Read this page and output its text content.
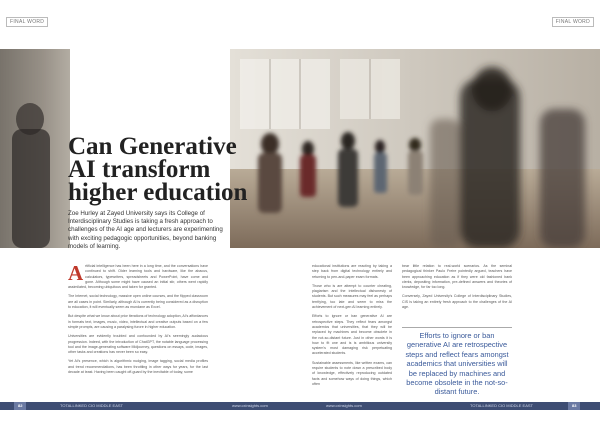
FINAL WORD	FINAL WORD
Can Generative AI transform higher education

Zoe Hurley at Zayed University says its College of Interdisciplinary Studies is taking a fresh approach to challenges of the AI age and lecturers are experimenting with exciting pedagogic opportunities, beyond banking models of learning.

Artificial intelligence has been here in a long time, and the conversations have continued to shift. Older learning tools and hardware, like the abacus, calculators, typewriters, spreadsheets and PowerPoint, have come and gone. Although some might have caused an initial stir, others went rapidly assimilated, becoming ubiquitous and taken for granted.

The Internet, social technology, massive open online courses, and the flipped classroom are all cases in point. Similarly, although AI is currently being considered as a disruption to education, it will eventually seem as mundane as Excel.

But despite what we know about prior iterations of technology adoption, AI's affordances in formats text, images, music, video, intellectual and creative outputs based on a few simple prompts, are causing a paralysing furore in higher education.

Universities are evidently troubled and confounded by AI's seemingly audacious progression. Indeed, with the introduction of ChatGPT, the notable language processing tool and the image-generating software Midjourney, questions on essays, code, images, other tasks and creations has never been so easy.

Yet AI's presence, which is algorithmic nudging, image tagging, social media profiles and trend recommendations, has been throttling in other ways for years, for the last decade at least. Having been caught off-guard by the inevitable of today, some

educational institutions are reacting by taking a step back from digital technology entirely and returning to pen-and-paper exam formats.

Those who is are attempt to counter cheating, plagiarism and the intellectual dishonesty of students. But such measures may feel as perhaps terrifying, too late and seem to miss the achievement of next-gen AI learning entirely.

Efforts to ignore or ban generative AI are retrospective steps. They reflect fears amongst academics that universities, that they will be replaced by machines and become obsolete in the not-so-distant future. Just in other words it is how to fit one and is is ambitious university system's most damaging risk perpetuating accelerated students.

Sustainable assessments, like written exams, can require students to note down a prescribed body of knowledge, effectively reproducing outdated facts and somehow ways of doing things, which often

bear little relation to real-world scenarios. As the seminal pedagogical thinker Paulo Freire pointedly argued, teachers have been approaching education as if they were old fashioned bank clerks, depositing information, pre-defined answers and theories of knowledge, for far too long.

Conversely, Zayed University's College of Interdisciplinary Studies, CIS is taking an entirely fresh approach to the challenges of the AI age.

Efforts to ignore or ban generative AI are retrospective steps and reflect fears amongst academics that universities will be replaced by machines and become obsolete in the not-so-distant future.
82	TOTALLINKED CIO MIDDLE EAST	www.cxinsights.com	www.cxinsights.com	TOTALLINKED CIO MIDDLE EAST	83
